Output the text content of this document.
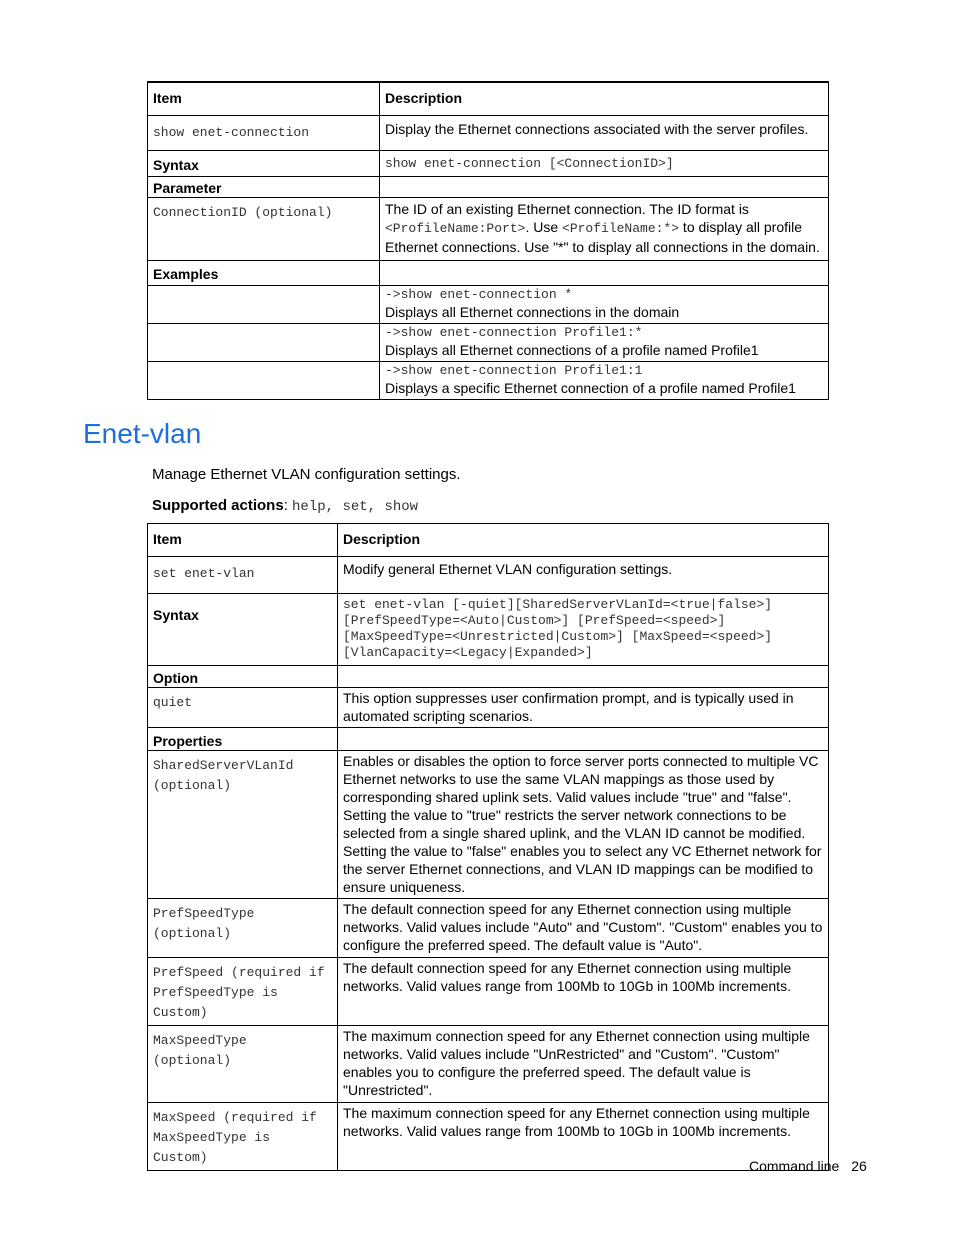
Item	Description
show enet-connection	Display the Ethernet connections associated with the server profiles.
Syntax	show enet-connection [<ConnectionID>]
Parameter	
ConnectionID (optional)	The ID of an existing Ethernet connection. The ID format is <ProfileName:Port>. Use <ProfileName:*> to display all profile Ethernet connections. Use "*" to display all connections in the domain.
Examples	

	->show enet-connection *
Displays all Ethernet connections in the domain

	->show enet-connection Profile1:*
Displays all Ethernet connections of a profile named Profile1

	->show enet-connection Profile1:1
Displays a specific Ethernet connection of a profile named Profile1
Enet-vlan

Manage Ethernet VLAN configuration settings.

Supported actions: help, set, show

Item	Description
set enet-vlan	Modify general Ethernet VLAN configuration settings.
Syntax	set enet-vlan [-quiet][SharedServerVLanId=<true|false>]
[PrefSpeedType=<Auto|Custom>] [PrefSpeed=<speed>]
[MaxSpeedType=<Unrestricted|Custom>] [MaxSpeed=<speed>]
[VlanCapacity=<Legacy|Expanded>]

Option	
quiet	This option suppresses user confirmation prompt, and is typically used in automated scripting scenarios.
Properties	
SharedServerVLanId (optional)	Enables or disables the option to force server ports connected to multiple VC Ethernet networks to use the same VLAN mappings as those used by corresponding shared uplink sets. Valid values include "true" and "false".
Setting the value to "true" restricts the server network connections to be selected from a single shared uplink, and the VLAN ID cannot be modified.
Setting the value to "false" enables you to select any VC Ethernet network for the server Ethernet connections, and VLAN ID mappings can be modified to ensure uniqueness.

PrefSpeedType (optional)	The default connection speed for any Ethernet connection using multiple networks. Valid values include "Auto" and "Custom". "Custom" enables you to configure the preferred speed. The default value is "Auto".
PrefSpeed (required if PrefSpeedType is Custom)	The default connection speed for any Ethernet connection using multiple networks. Valid values range from 100Mb to 10Gb in 100Mb increments.
MaxSpeedType (optional)	The maximum connection speed for any Ethernet connection using multiple networks. Valid values include "UnRestricted" and "Custom". "Custom" enables you to configure the preferred speed. The default value is "Unrestricted".
MaxSpeed (required if MaxSpeedType is Custom)	The maximum connection speed for any Ethernet connection using multiple networks. Valid values range from 100Mb to 10Gb in 100Mb increments.
Command line 26
